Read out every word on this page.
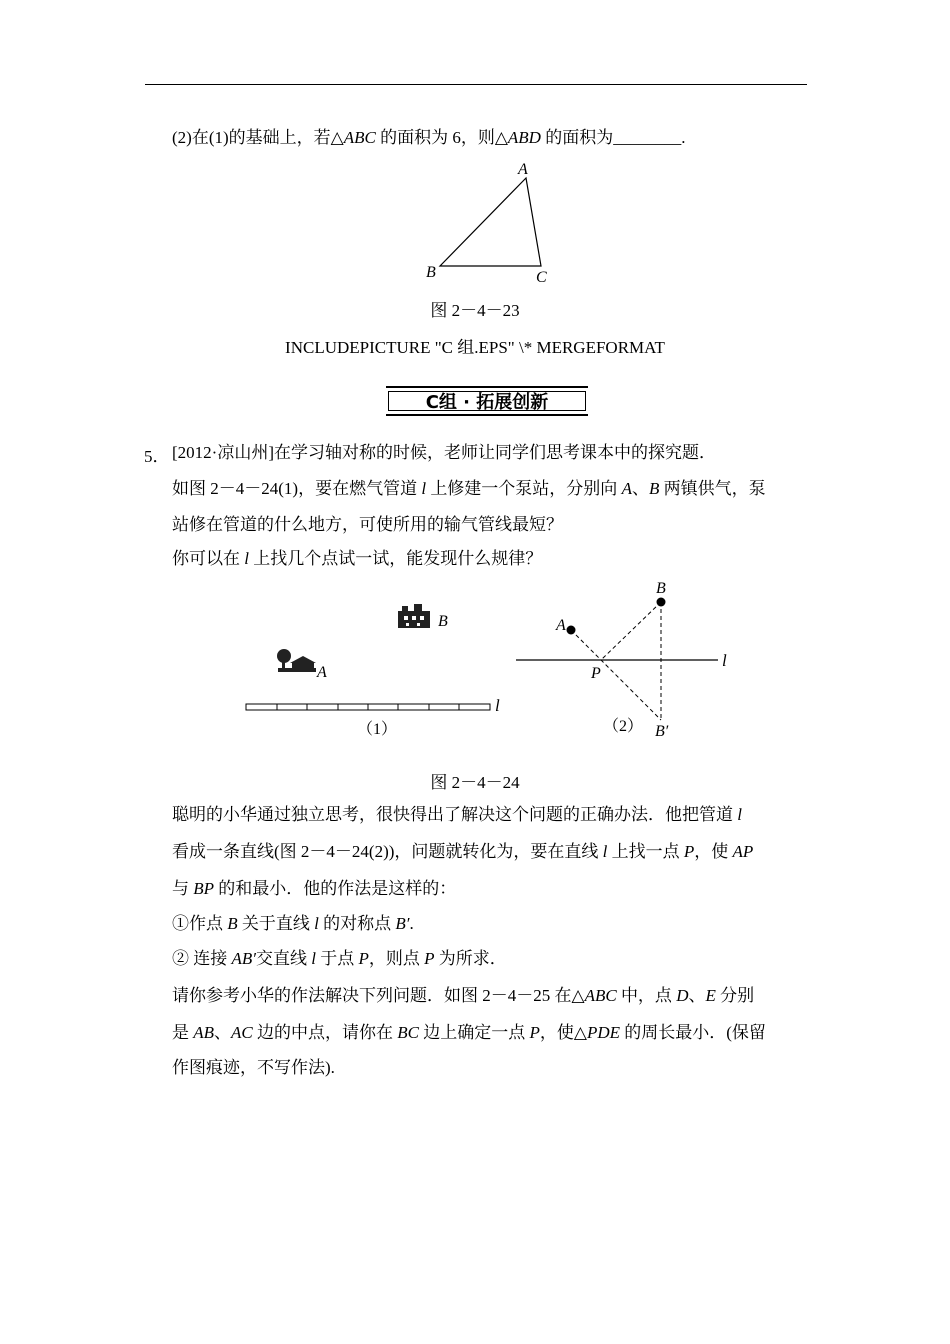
(2)在(1)的基础上，若△ABC 的面积为 6，则△ABD 的面积为________.
A
B	C
图 2－4－23
INCLUDEPICTURE "C 组.EPS" \* MERGEFORMAT
C组 · 拓展创新
5． [2012·凉山州]在学习轴对称的时候，老师让同学们思考课本中的探究题．
如图 2－4－24(1)，要在燃气管道 l 上修建一个泵站，分别向 A、B 两镇供气，泵
站修在管道的什么地方，可使所用的输气管线最短？
你可以在 l 上找几个点试一试，能发现什么规律？
B
A
l
（1）
A
B
P
l
B′
（2）
图 2－4－24
聪明的小华通过独立思考，很快得出了解决这个问题的正确办法．他把管道 l
看成一条直线(图 2－4－24(2))，问题就转化为，要在直线 l 上找一点 P，使 AP
与 BP 的和最小．他的作法是这样的：
①作点 B 关于直线 l 的对称点 B′.
② 连接 AB′交直线 l 于点 P，则点 P 为所求．
请你参考小华的作法解决下列问题．如图 2－4－25 在△ABC 中，点 D、E 分别
是 AB、AC 边的中点，请你在 BC 边上确定一点 P，使△PDE 的周长最小．(保留
作图痕迹，不写作法).
